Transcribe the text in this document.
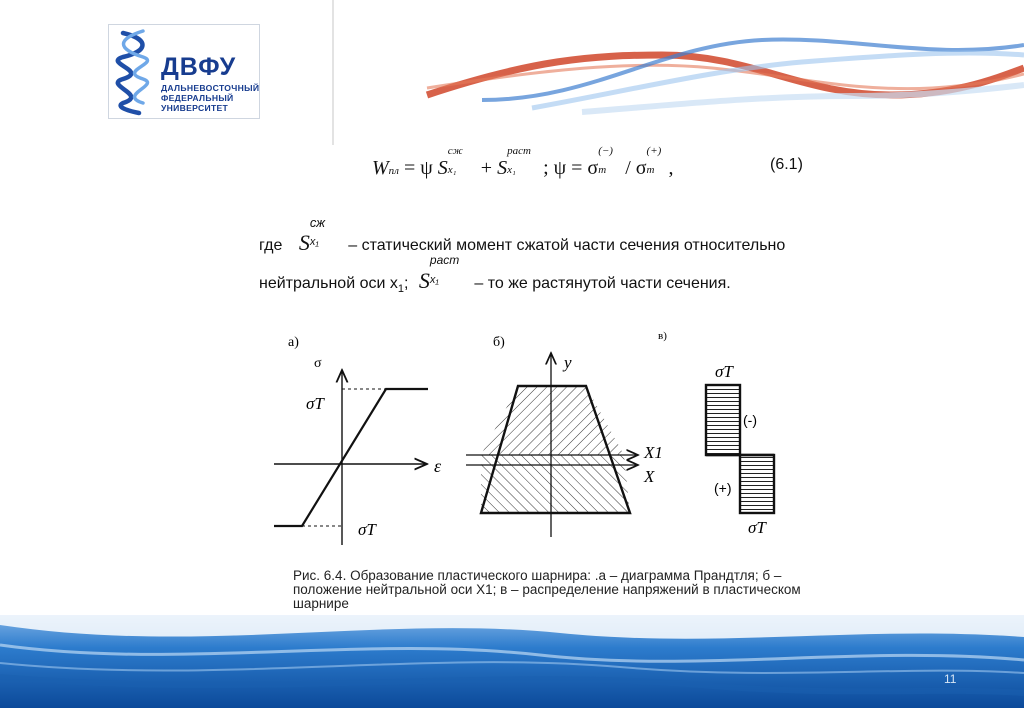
ДВФУ
ДАЛЬНЕВОСТОЧНЫЙ
ФЕДЕРАЛЬНЫЙ
УНИВЕРСИТЕТ
Wпл = ψ S
сж
x₁ + S
раст
x₁ ; ψ = σ
(−)
m / σ
(+)
m ,	(6.1)
где S
сж
x₁ – статический момент сжатой части сечения относительно
нейтральной оси $x_1$; S
раст
x₁ – то же растянутой части сечения.
а)
σ
ε
σT
σT
б)
y
X1
X
в)
σT
(-)
(+)
σT
Рис. 6.4. Образование пластического шарнира: .а – диаграмма Прандтля; б – положение нейтральной оси X1; в – распределение напряжений в пластическом шарнире
11
